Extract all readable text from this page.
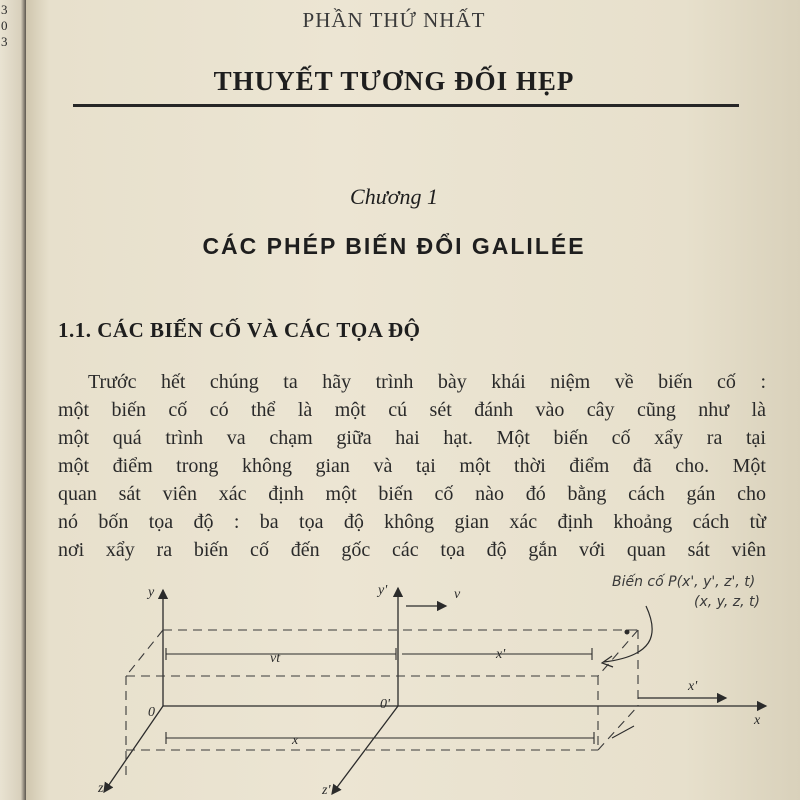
3
0
3
PHẦN THỨ NHẤT
THUYẾT TƯƠNG ĐỐI HẸP
Chương 1
CÁC PHÉP BIẾN ĐỔI GALILÉE
1.1. CÁC BIẾN CỐ VÀ CÁC TỌA ĐỘ
Trước hết chúng ta hãy trình bày khái niệm về biến cố :
một biến cố có thể là một cú sét đánh vào cây cũng như là
một quá trình va chạm giữa hai hạt. Một biến cố xẩy ra tại
một điểm trong không gian và tại một thời điểm đã cho. Một
quan sát viên xác định một biến cố nào đó bằng cách gán cho
nó bốn tọa độ : ba tọa độ không gian xác định khoảng cách từ
nơi xẩy ra biến cố đến gốc các tọa độ gắn với quan sát viên
y	y'	v
vt	x'
x'
x
x
0
0'
z	z'
Biến cố P(x', y', z', t)
(x, y, z, t)
